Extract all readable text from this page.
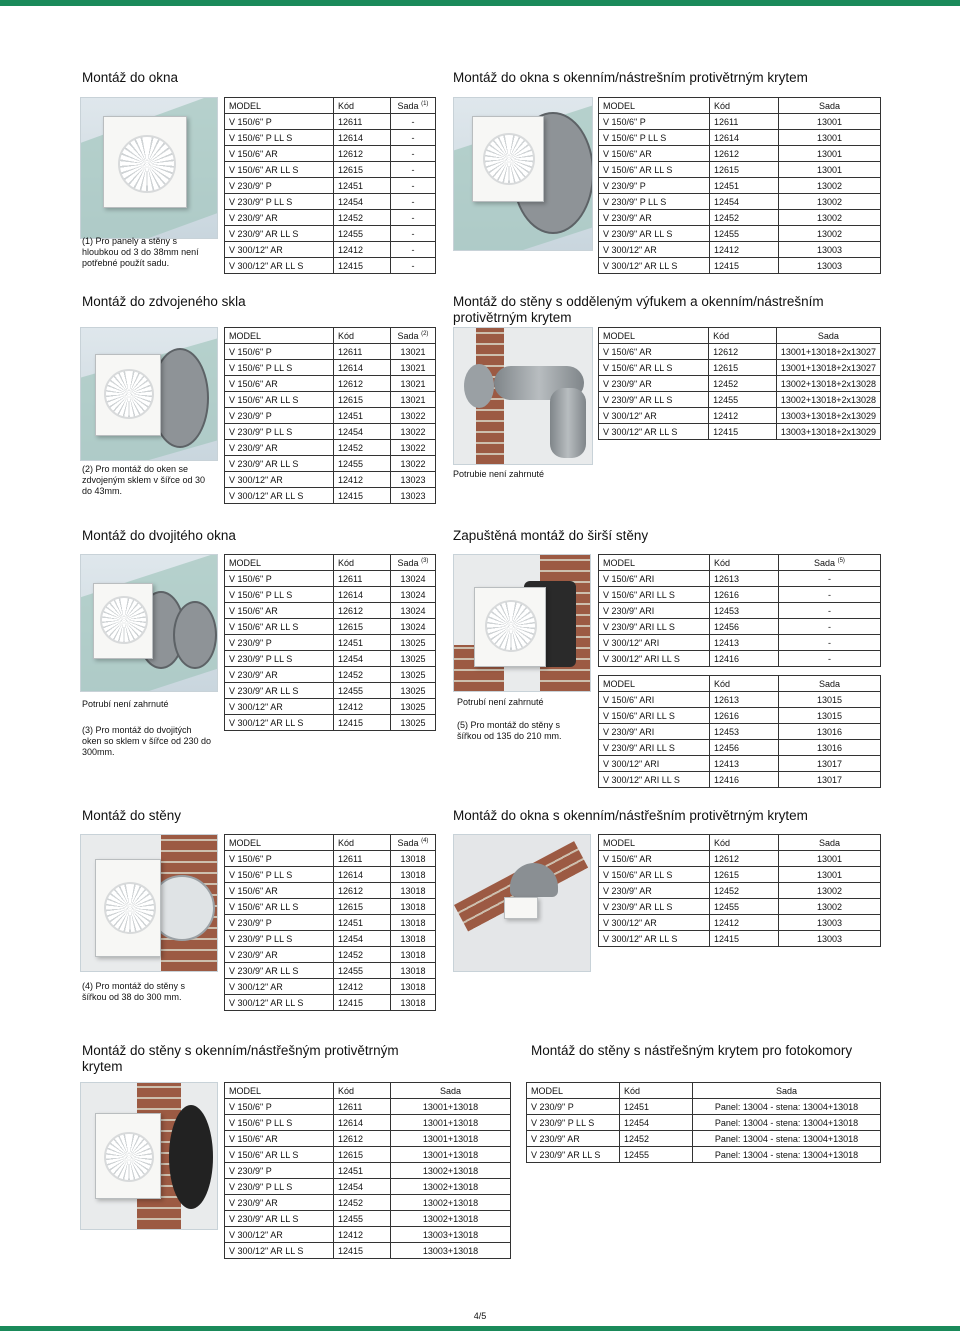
Montáž do okna
(1) Pro panely a stěny s hloubkou od 3 do 38mm není potřebné použít sadu.
MODEL	Kód	Sada $^{(1)}$
V 150/6" P	12611	-
V 150/6" P LL S	12614	-
V 150/6" AR	12612	-
V 150/6" AR LL S	12615	-
V 230/9" P	12451	-
V 230/9" P LL S	12454	-
V 230/9" AR	12452	-
V 230/9" AR LL S	12455	-
V 300/12" AR	12412	-
V 300/12" AR LL S	12415	-
Montáž do okna s okenním/nástrešním protivětrným krytem
MODEL	Kód	Sada
V 150/6" P	12611	13001
V 150/6" P LL S	12614	13001
V 150/6" AR	12612	13001
V 150/6" AR LL S	12615	13001
V 230/9" P	12451	13002
V 230/9" P LL S	12454	13002
V 230/9" AR	12452	13002
V 230/9" AR LL S	12455	13002
V 300/12" AR	12412	13003
V 300/12" AR LL S	12415	13003
Montáž do zdvojeného skla
(2) Pro montáž do oken se zdvojeným sklem v šířce od 30 do 43mm.
MODEL	Kód	Sada $^{(2)}$
V 150/6" P	12611	13021
V 150/6" P LL S	12614	13021
V 150/6" AR	12612	13021
V 150/6" AR LL S	12615	13021
V 230/9" P	12451	13022
V 230/9" P LL S	12454	13022
V 230/9" AR	12452	13022
V 230/9" AR LL S	12455	13022
V 300/12" AR	12412	13023
V 300/12" AR LL S	12415	13023
Montáž do stěny s odděleným výfukem a okenním/nástrešním protivětrným krytem
Potrubie není zahrnuté
MODEL	Kód	Sada
V 150/6" AR	12612	13001+13018+2x13027
V 150/6" AR LL S	12615	13001+13018+2x13027
V 230/9" AR	12452	13002+13018+2x13028
V 230/9" AR LL S	12455	13002+13018+2x13028
V 300/12" AR	12412	13003+13018+2x13029
V 300/12" AR LL S	12415	13003+13018+2x13029
Montáž do dvojitého okna
Potrubí není zahrnuté
(3) Pro montáž do dvojitých oken so sklem v šířce od 230 do 300mm.
MODEL	Kód	Sada $^{(3)}$
V 150/6" P	12611	13024
V 150/6" P LL S	12614	13024
V 150/6" AR	12612	13024
V 150/6" AR LL S	12615	13024
V 230/9" P	12451	13025
V 230/9" P LL S	12454	13025
V 230/9" AR	12452	13025
V 230/9" AR LL S	12455	13025
V 300/12" AR	12412	13025
V 300/12" AR LL S	12415	13025
Zapuštěná montáž do širší stěny
Potrubí není zahrnuté
(5) Pro montáž do stěny s šířkou od 135 do 210 mm.
MODEL	Kód	Sada $^{(5)}$
V 150/6" ARI	12613	-
V 150/6" ARI LL S	12616	-
V 230/9" ARI	12453	-
V 230/9" ARI LL S	12456	-
V 300/12" ARI	12413	-
V 300/12" ARI LL S	12416	-
MODEL	Kód	Sada
V 150/6" ARI	12613	13015
V 150/6" ARI LL S	12616	13015
V 230/9" ARI	12453	13016
V 230/9" ARI LL S	12456	13016
V 300/12" ARI	12413	13017
V 300/12" ARI LL S	12416	13017
Montáž do stěny
(4) Pro montáž do stěny s šířkou od 38 do 300 mm.
MODEL	Kód	Sada $^{(4)}$
V 150/6" P	12611	13018
V 150/6" P LL S	12614	13018
V 150/6" AR	12612	13018
V 150/6" AR LL S	12615	13018
V 230/9" P	12451	13018
V 230/9" P LL S	12454	13018
V 230/9" AR	12452	13018
V 230/9" AR LL S	12455	13018
V 300/12" AR	12412	13018
V 300/12" AR LL S	12415	13018
Montáž do okna s okenním/nástřešním protivětrným krytem
MODEL	Kód	Sada
V 150/6" AR	12612	13001
V 150/6" AR LL S	12615	13001
V 230/9" AR	12452	13002
V 230/9" AR LL S	12455	13002
V 300/12" AR	12412	13003
V 300/12" AR LL S	12415	13003
Montáž do stěny s okenním/nástřešným protivětrným
krytem
MODEL	Kód	Sada
V 150/6" P	12611	13001+13018
V 150/6" P LL S	12614	13001+13018
V 150/6" AR	12612	13001+13018
V 150/6" AR LL S	12615	13001+13018
V 230/9" P	12451	13002+13018
V 230/9" P LL S	12454	13002+13018
V 230/9" AR	12452	13002+13018
V 230/9" AR LL S	12455	13002+13018
V 300/12" AR	12412	13003+13018
V 300/12" AR LL S	12415	13003+13018
Montáž do stěny s nástřešným krytem pro fotokomory
MODEL	Kód	Sada
V 230/9" P	12451	Panel: 13004 - stena: 13004+13018
V 230/9" P LL S	12454	Panel: 13004 - stena: 13004+13018
V 230/9" AR	12452	Panel: 13004 - stena: 13004+13018
V 230/9" AR LL S	12455	Panel: 13004 - stena: 13004+13018
4/5
